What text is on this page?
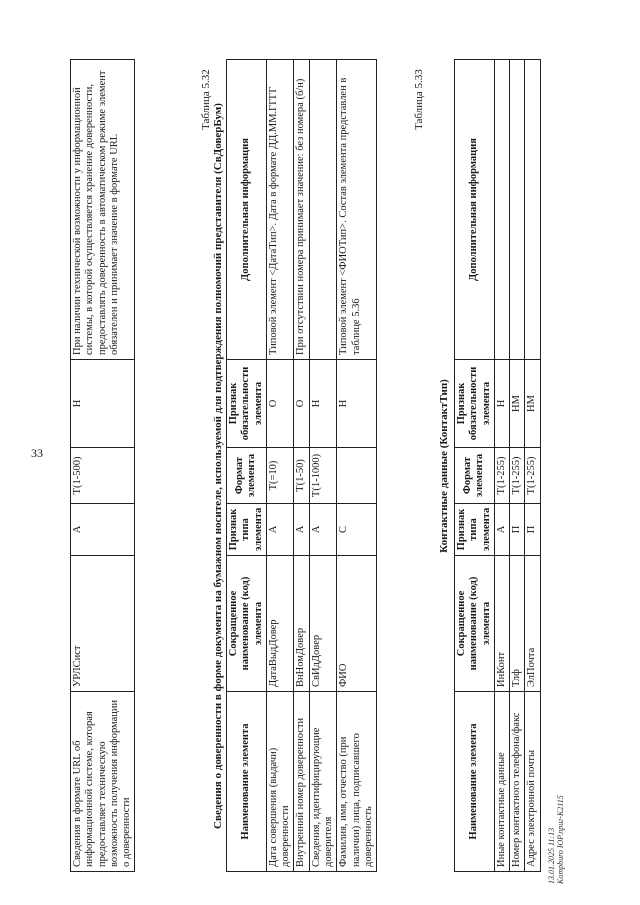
33
Сведения в формате URL об информационной системе, которая предоставляет техническую возможность получения информации о доверенности	УРЛСист	А	Т(1-500)	Н	При наличии технической возможности у информационной системы, в которой осуществляется хранение доверенности, предоставлять доверенность в автоматическом режиме элемент обязателен и принимает значение в формате URL
Таблица 5.32
Сведения о доверенности в форме документа на бумажном носителе, используемой для подтверждения полномочий представителя (СвДоверБум) Наименование элемента	Сокращенное наименование (код) элемента	Признак типа элемента	Формат элемента	Признак обязательности элемента	Дополнительная информация
Дата совершения (выдачи) доверенности	ДатаВыдДовер	А	Т(=10)	О	Типовой элемент <ДатаТип>. Дата в формате ДД.ММ.ГГГГ
Внутренний номер доверенности	ВнНомДовер	А	Т(1-50)	О	При отсутствии номера принимает значение: без номера (б/н)
Сведения, идентифицирующие доверителя	СвИдДовер	А	Т(1-1000)	Н	
Фамилия, имя, отчество (при наличии) лица, подписавшего доверенность	ФИО	С		Н	Типовой элемент <ФИОТип>. Состав элемента представлен в таблице 5.36
Таблица 5.33
Контактные данные (КонтактТип)
Наименование элемента	Сокращенное наименование (код) элемента	Признак типа элемента	Формат элемента	Признак обязательности элемента	Дополнительная информация
Иные контактные данные	ИнКонт	А	Т(1-255)	Н	
Номер контактного телефона/факс	Тлф	П	Т(1-255)	НМ	
Адрес электронной почты	ЭлПочта	П	Т(1-255)	НМ	
13.01.2025 11:13 Kompburo ЮР.приг-К2115
